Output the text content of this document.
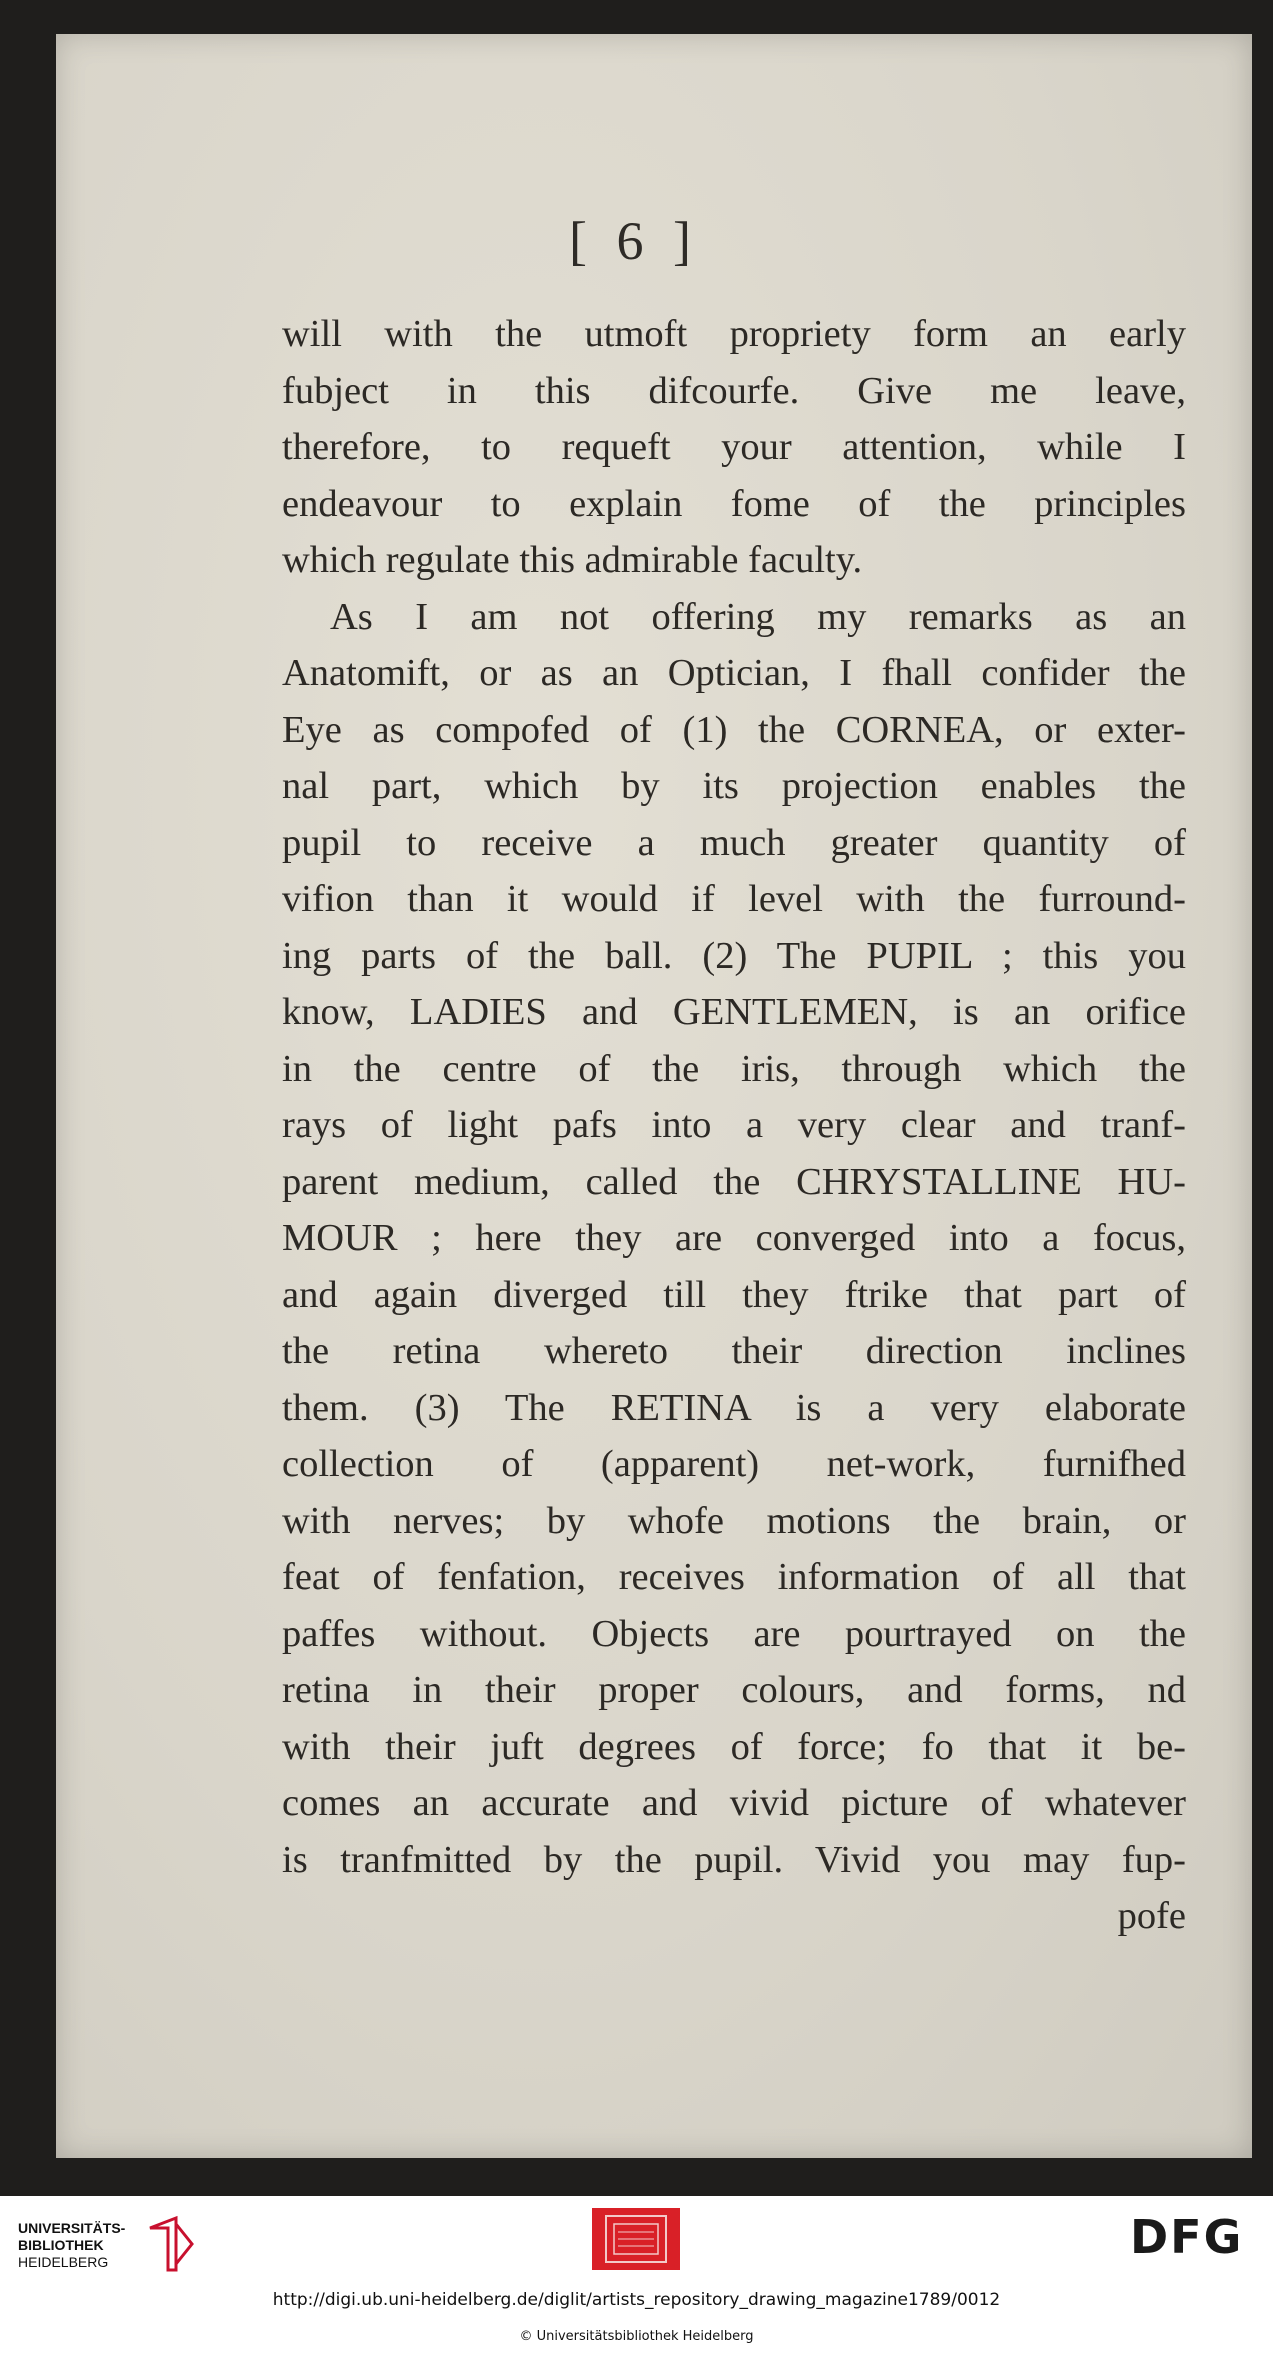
[ 6 ]
will with the utmoft propriety form an early
fubject in this difcourfe. Give me leave,
therefore, to requeft your attention, while I
endeavour to explain fome of the principles
which regulate this admirable faculty.
As I am not offering my remarks as an
Anatomift, or as an Optician, I fhall confider the
Eye as compofed of (1) the CORNEA, or exter-
nal part, which by its projection enables the
pupil to receive a much greater quantity of
vifion than it would if level with the furround-
ing parts of the ball. (2) The PUPIL ; this you
know, LADIES and GENTLEMEN, is an orifice
in the centre of the iris, through which the
rays of light pafs into a very clear and tranf-
parent medium, called the CHRYSTALLINE HU-
MOUR ; here they are converged into a focus,
and again diverged till they ftrike that part of
the retina whereto their direction inclines
them. (3) The RETINA is a very elaborate
collection of (apparent) net-work, furnifhed
with nerves; by whofe motions the brain, or
feat of fenfation, receives information of all that
paffes without. Objects are pourtrayed on the
retina in their proper colours, and forms, nd
with their juft degrees of force; fo that it be-
comes an accurate and vivid picture of whatever
is tranfmitted by the pupil. Vivid you may fup-
pofe
UNIVERSITÄTS-
BIBLIOTHEK
HEIDELBERG	DFG
http://digi.ub.uni-heidelberg.de/diglit/artists_repository_drawing_magazine1789/0012
© Universitätsbibliothek Heidelberg
